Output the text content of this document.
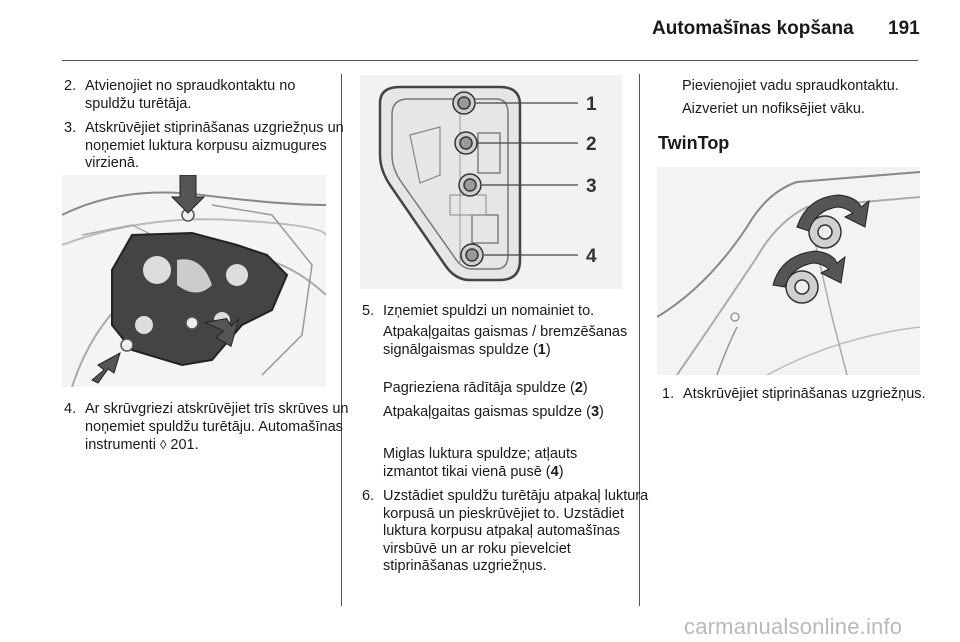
Automašīnas kopšana 191
2. Atvienojiet no spraudkontaktu no spuldžu turētāja.
3. Atskrūvējiet stiprināšanas uzgriežņus un noņemiet luktura korpusu aizmugures virzienā.
4. Ar skrūvgriezi atskrūvējiet trīs skrūves un noņemiet spuldžu turētāju. Automašīnas instrumenti ◊ 201.
1
2
3
4
5. Izņemiet spuldzi un nomainiet to.
Atpakaļgaitas gaismas / bremzēšanas signālgaismas spuldze (1)
Pagrieziena rādītāja spuldze (2)
Atpakaļgaitas gaismas spuldze (3)
Miglas luktura spuldze; atļauts izmantot tikai vienā pusē (4)
6. Uzstādiet spuldžu turētāju atpakaļ luktura korpusā un pieskrūvējiet to. Uzstādiet luktura korpusu atpakaļ automašīnas virsbūvē un ar roku pievelciet stiprināšanas uzgriežņus.
Pievienojiet vadu spraudkontaktu.
Aizveriet un nofiksējiet vāku.
TwinTop
1. Atskrūvējiet stiprināšanas uzgriežņus.
carmanualsonline.info
